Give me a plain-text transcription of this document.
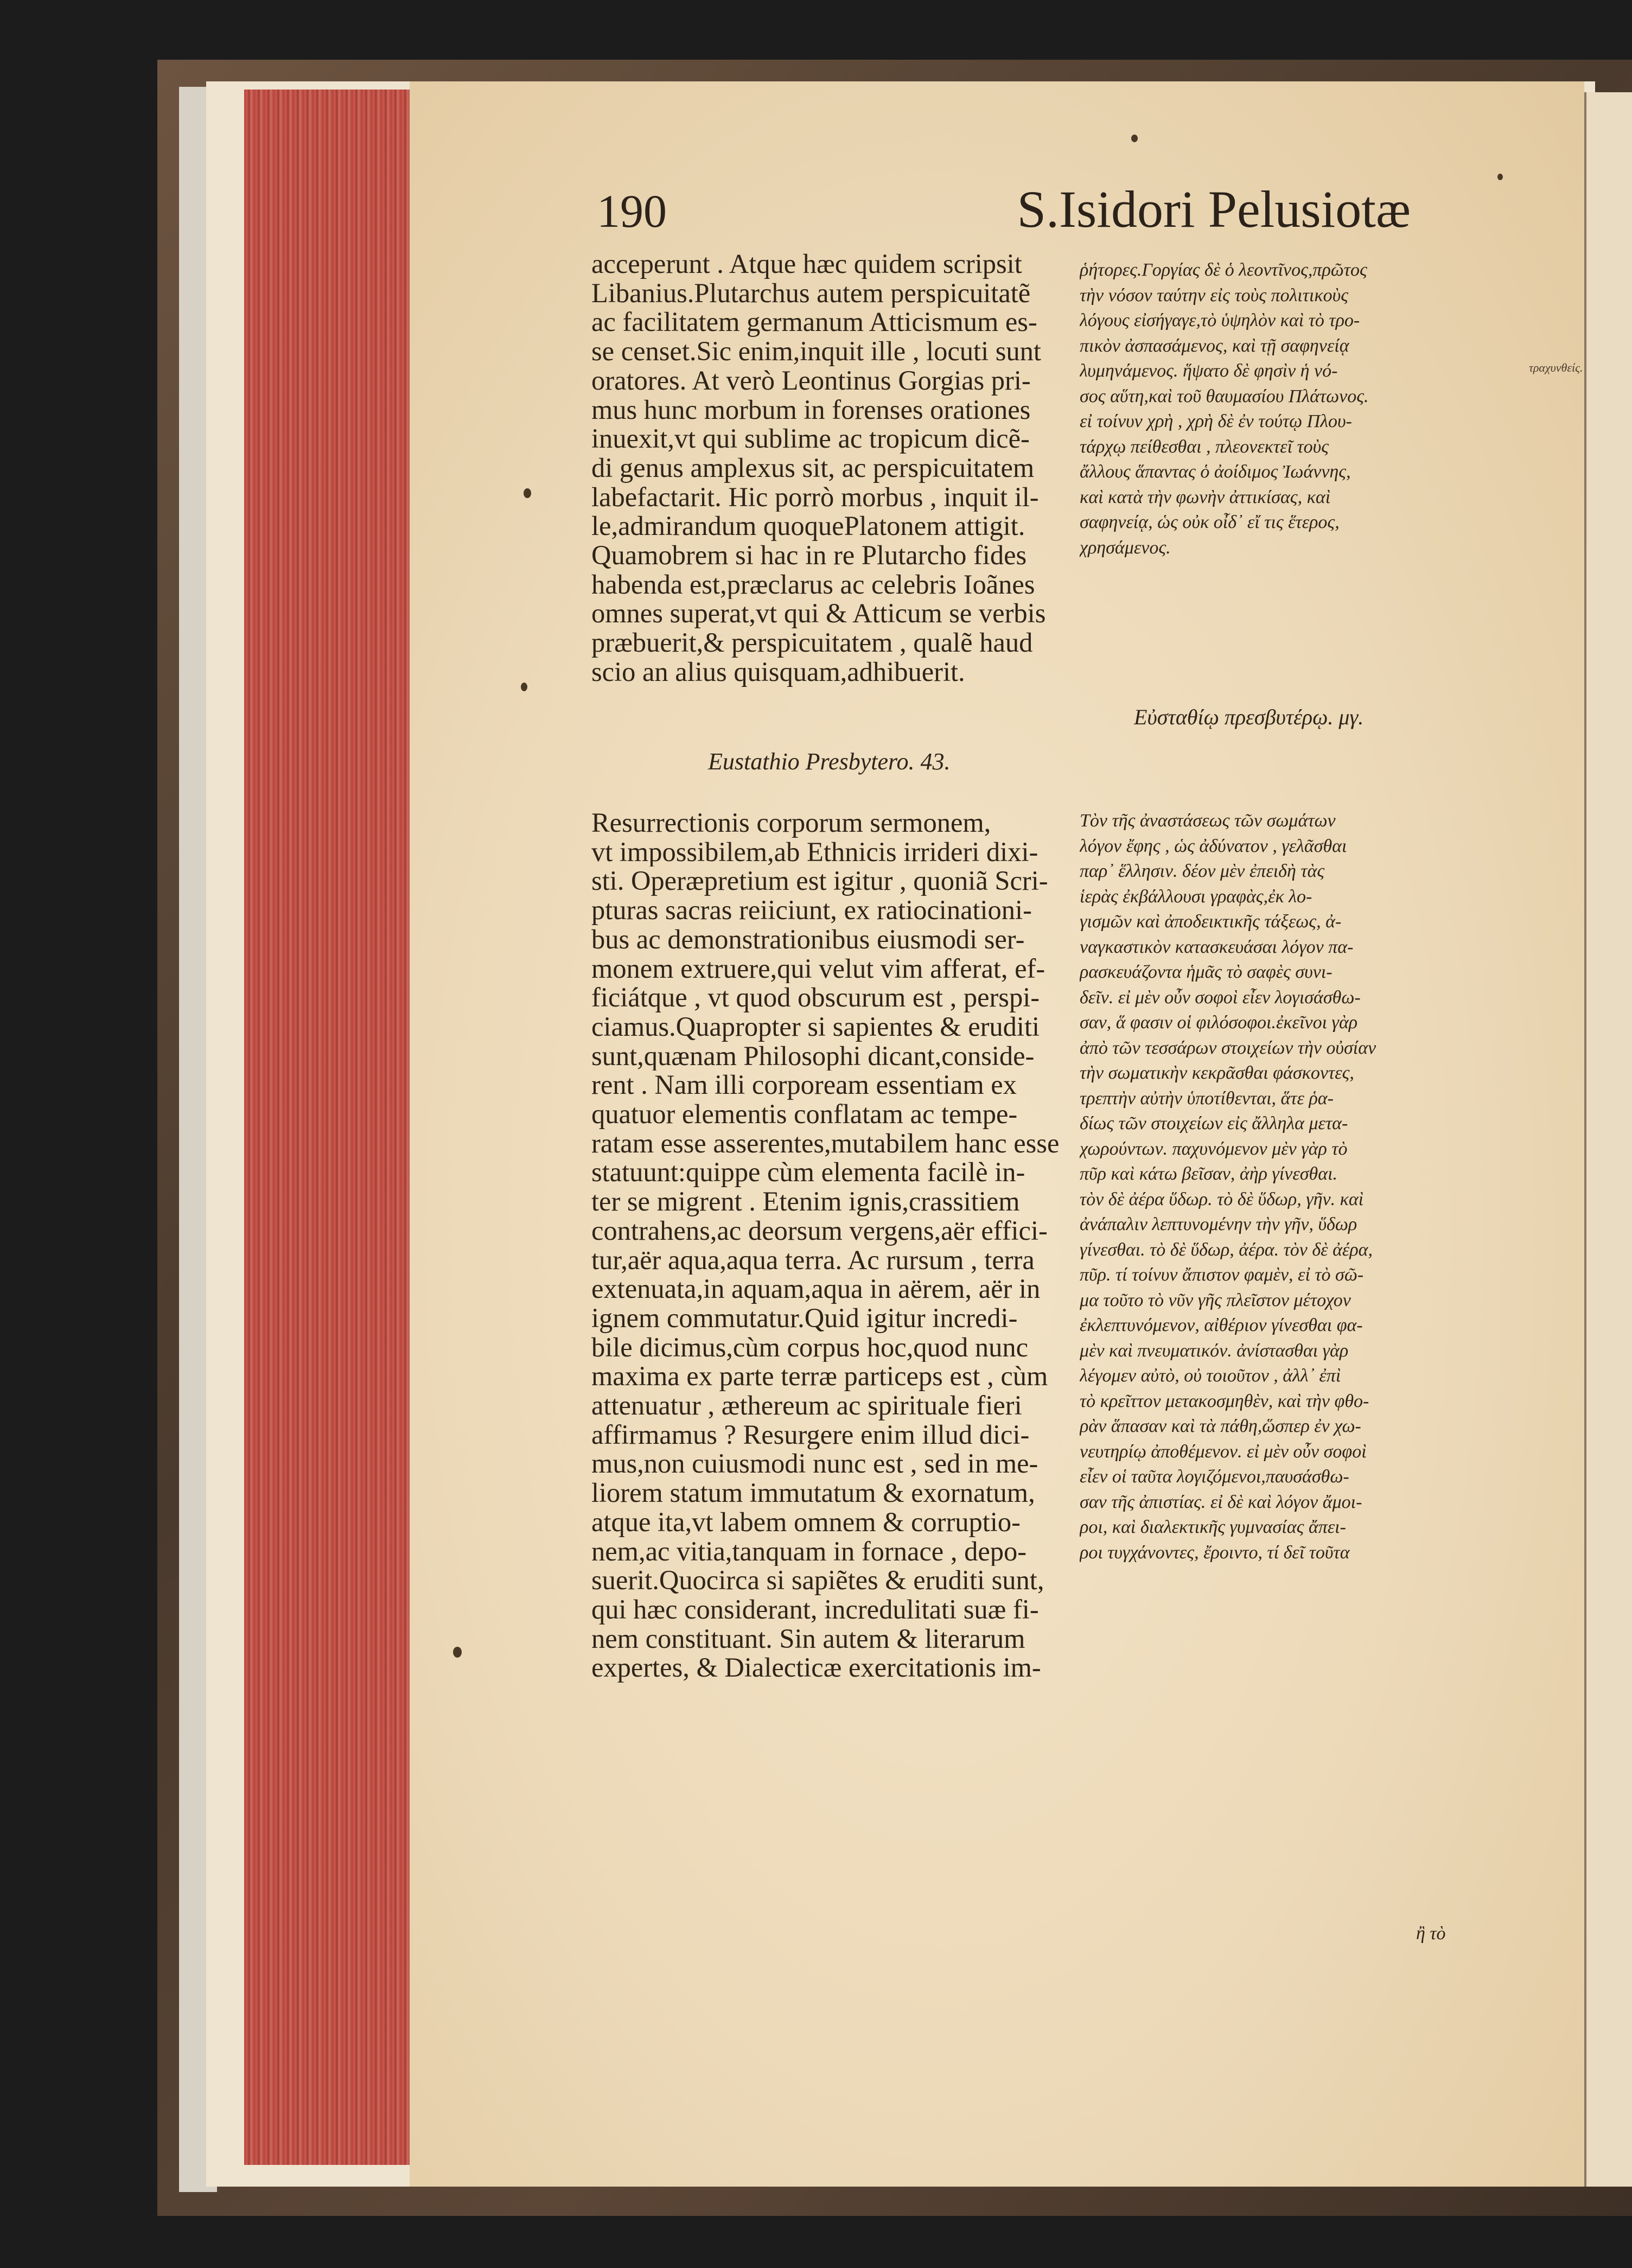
190	S.Isidori Pelusiotæ
acceperunt . Atque hæc quidem scripsit
Libanius.Plutarchus autem perspicuitatẽ
ac facilitatem germanum Atticismum es-
se censet.Sic enim,inquit ille , locuti sunt
oratores. At verò Leontinus Gorgias pri-
mus hunc morbum in forenses orationes
inuexit,vt qui sublime ac tropicum dicẽ-
di genus amplexus sit, ac perspicuitatem
labefactarit. Hic porrò morbus , inquit il-
le,admirandum quoquePlatonem attigit.
Quamobrem si hac in re Plutarcho fides
habenda est,præclarus ac celebris Ioãnes
omnes superat,vt qui & Atticum se verbis
præbuerit,& perspicuitatem , qualẽ haud
scio an alius quisquam,adhibuerit.
Eustathio Presbytero. 43.
Resurrectionis corporum sermonem,
vt impossibilem,ab Ethnicis irrideri dixi-
sti. Operæpretium est igitur , quoniã Scri-
pturas sacras reiiciunt, ex ratiocinationi-
bus ac demonstrationibus eiusmodi ser-
monem extruere,qui velut vim afferat, ef-
ficiátque , vt quod obscurum est , perspi-
ciamus.Quapropter si sapientes & eruditi
sunt,quænam Philosophi dicant,conside-
rent . Nam illi corpoream essentiam ex
quatuor elementis conflatam ac tempe-
ratam esse asserentes,mutabilem hanc esse
statuunt:quippe cùm elementa facilè in-
ter se migrent . Etenim ignis,crassitiem
contrahens,ac deorsum vergens,aër effici-
tur,aër aqua,aqua terra. Ac rursum , terra
extenuata,in aquam,aqua in aërem, aër in
ignem commutatur.Quid igitur incredi-
bile dicimus,cùm corpus hoc,quod nunc
maxima ex parte terræ particeps est , cùm
attenuatur , æthereum ac spirituale fieri
affirmamus ? Resurgere enim illud dici-
mus,non cuiusmodi nunc est , sed in me-
liorem statum immutatum & exornatum,
atque ita,vt labem omnem & corruptio-
nem,ac vitia,tanquam in fornace , depo-
suerit.Quocirca si sapiẽtes & eruditi sunt,
qui hæc considerant, incredulitati suæ fi-
nem constituant. Sin autem & literarum
expertes, & Dialecticæ exercitationis im-
ῥήτορες.Γοργίας δὲ ὁ λεοντῖνος,πρῶτος
τὴν νόσον ταύτην εἰς τοὺς πολιτικοὺς
λόγους εἰσήγαγε,τὸ ὑψηλὸν καὶ τὸ τρο-
πικὸν ἀσπασάμενος, καὶ τῇ σαφηνείᾳ
λυμηνάμενος. ἥψατο δὲ φησὶν ἡ νό-
σος αὕτη,καὶ τοῦ θαυμασίου Πλάτωνος.
εἰ τοίνυν χρὴ , χρὴ δὲ ἐν τούτῳ Πλου-
τάρχῳ πείθεσθαι , πλεονεκτεῖ τοὺς
ἄλλους ἅπαντας ὁ ἀοίδιμος Ἰωάννης,
καὶ κατὰ τὴν φωνὴν ἀττικίσας, καὶ
σαφηνείᾳ, ὡς οὐκ οἶδ᾽ εἴ τις ἕτερος,
χρησάμενος.
Εὐσταθίῳ πρεσβυτέρῳ. μγ.
Τὸν τῆς ἀναστάσεως τῶν σωμάτων
λόγον ἔφης , ὡς ἀδύνατον , γελᾶσθαι
παρ᾽ ἕλλησιν. δέον μὲν ἐπειδὴ τὰς
ἱερὰς ἐκβάλλουσι γραφὰς,ἐκ λο-
γισμῶν καὶ ἀποδεικτικῆς τάξεως, ἀ-
ναγκαστικὸν κατασκευάσαι λόγον πα-
ρασκευάζοντα ἡμᾶς τὸ σαφὲς συνι-
δεῖν. εἰ μὲν οὖν σοφοὶ εἶεν λογισάσθω-
σαν, ἅ φασιν οἱ φιλόσοφοι.ἐκεῖνοι γὰρ
ἀπὸ τῶν τεσσάρων στοιχείων τὴν οὐσίαν
τὴν σωματικὴν κεκρᾶσθαι φάσκοντες,
τρεπτὴν αὐτὴν ὑποτίθενται, ἅτε ῥα-
δίως τῶν στοιχείων εἰς ἄλληλα μετα-
χωρούντων. παχυνόμενον μὲν γὰρ τὸ
πῦρ καὶ κάτω βεῖσαν, ἀὴρ γίνεσθαι.
τὸν δὲ ἀέρα ὕδωρ. τὸ δὲ ὕδωρ, γῆν. καὶ
ἀνάπαλιν λεπτυνομένην τὴν γῆν, ὕδωρ
γίνεσθαι. τὸ δὲ ὕδωρ, ἀέρα. τὸν δὲ ἀέρα,
πῦρ. τί τοίνυν ἄπιστον φαμὲν, εἰ τὸ σῶ-
μα τοῦτο τὸ νῦν γῆς πλεῖστον μέτοχον
ἐκλεπτυνόμενον, αἰθέριον γίνεσθαι φα-
μὲν καὶ πνευματικόν. ἀνίστασθαι γὰρ
λέγομεν αὐτὸ, οὐ τοιοῦτον , ἀλλ᾽ ἐπὶ
τὸ κρεῖττον μετακοσμηθὲν, καὶ τὴν φθο-
ρὰν ἅπασαν καὶ τὰ πάθη,ὥσπερ ἐν χω-
νευτηρίῳ ἀποθέμενον. εἰ μὲν οὖν σοφοὶ
εἶεν οἱ ταῦτα λογιζόμενοι,παυσάσθω-
σαν τῆς ἀπιστίας. εἰ δὲ καὶ λόγον ἄμοι-
ροι, καὶ διαλεκτικῆς γυμνασίας ἄπει-
ροι τυγχάνοντες, ἔροιντο, τί δεῖ τοῦτα
ἢ τὸ
τραχυνθείς.
